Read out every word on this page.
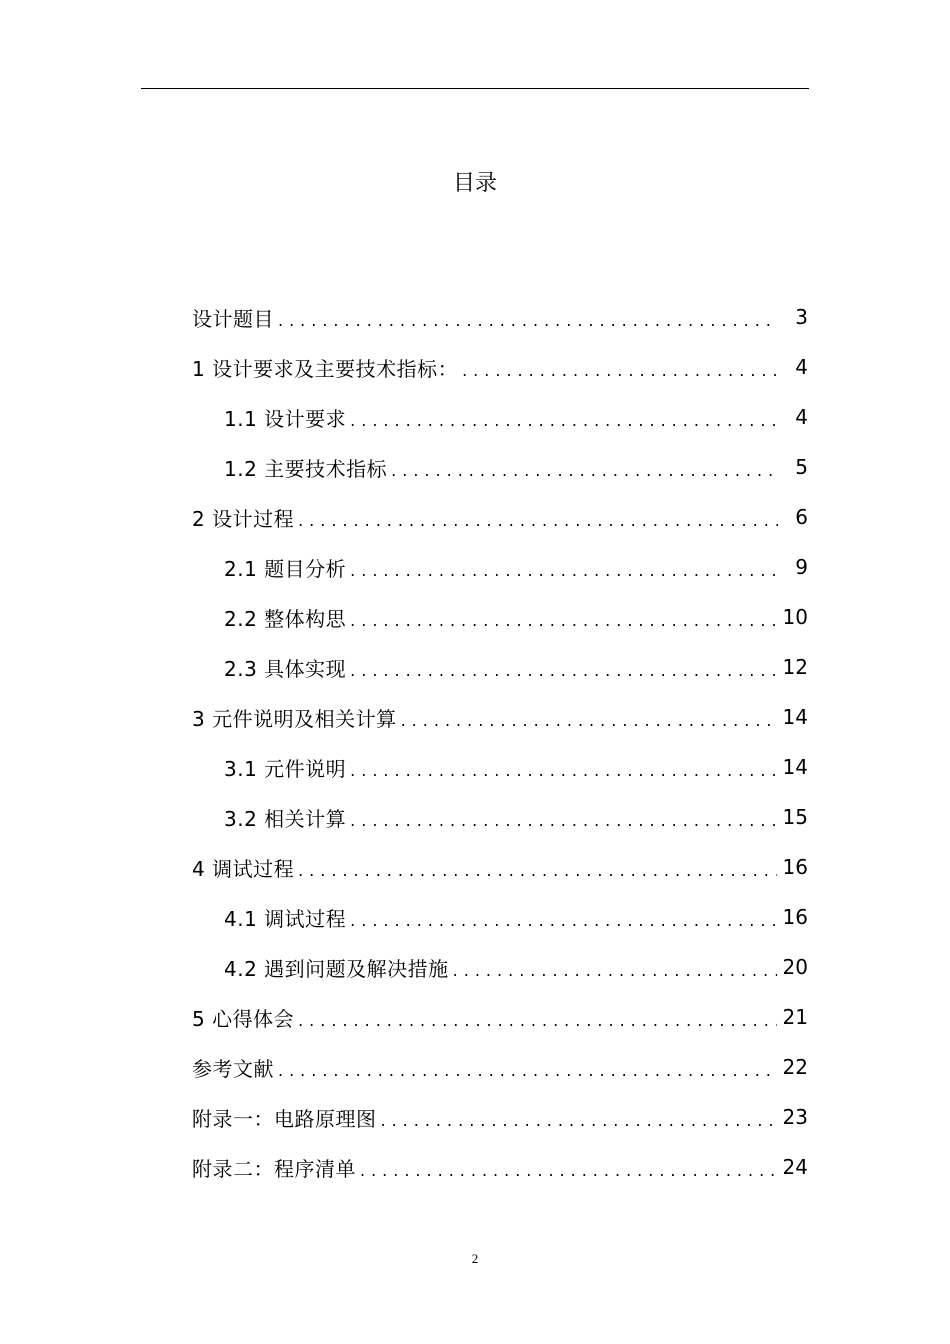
目录
设计题目 .....	3
1 设计要求及主要技术指标： .....	4
1.1 设计要求 .....	4
1.2 主要技术指标 .....	5
2 设计过程 .....	6
2.1 题目分析 .....	9
2.2 整体构思 .....	10
2.3 具体实现 .....	12
3 元件说明及相关计算 .....	14
3.1 元件说明 .....	14
3.2 相关计算 .....	15
4 调试过程 .....	16
4.1 调试过程 .....	16
4.2 遇到问题及解决措施 .....	20
5 心得体会 .....	21
参考文献 .....	22
附录一：电路原理图 .....	23
附录二：程序清单 .....	24
2
